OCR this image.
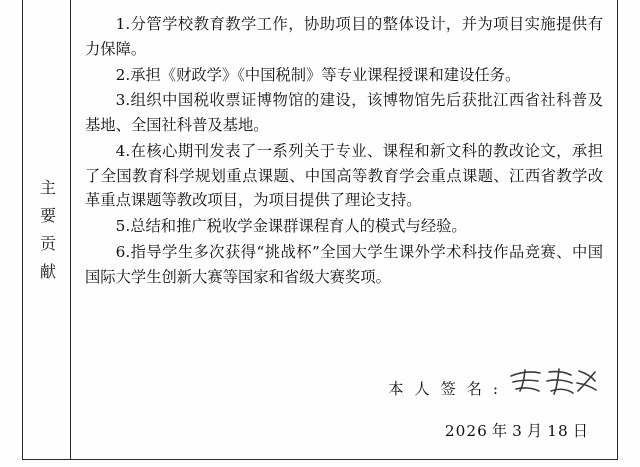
主要贡献

1.分管学校教育教学工作，协助项目的整体设计，并为项目实施提供有力保障。

2.承担《财政学》《中国税制》等专业课程授课和建设任务。

3.组织中国税收票证博物馆的建设，该博物馆先后获批江西省社科普及基地、全国社科普及基地。

4.在核心期刊发表了一系列关于专业、课程和新文科的教改论文，承担了全国教育科学规划重点课题、中国高等教育学会重点课题、江西省教学改革重点课题等教改项目，为项目提供了理论支持。

5.总结和推广税收学金课群课程育人的模式与经验。

6.指导学生多次获得“挑战杯”全国大学生课外学术科技作品竞赛、中国国际大学生创新大赛等国家和省级大赛奖项。

本 人 签 名 :
2026 年 3 月 18 日
